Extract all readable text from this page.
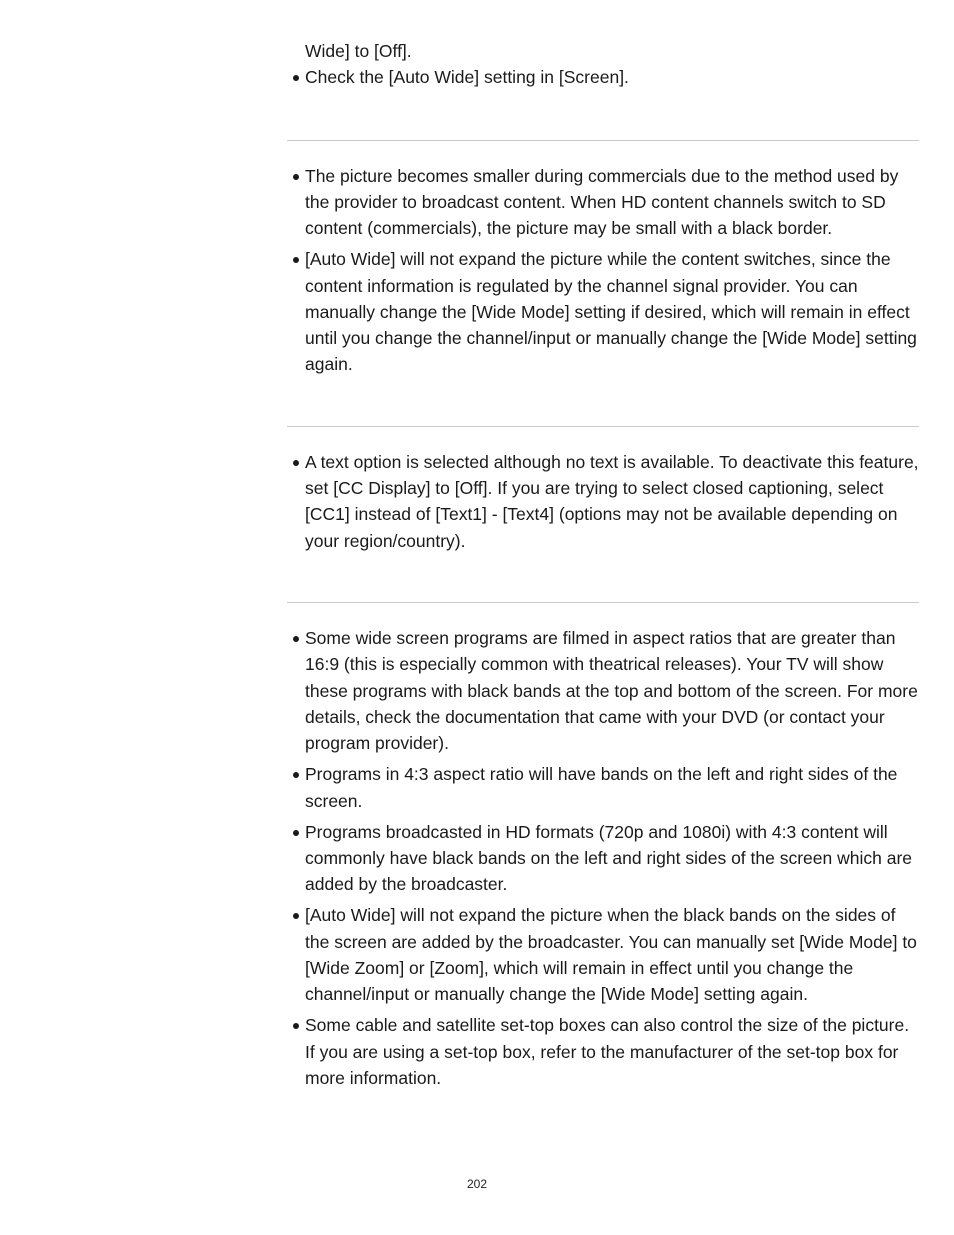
Wide] to [Off].

Check the [Auto Wide] setting in [Screen].
The picture becomes smaller during commercials due to the method used by the provider to broadcast content. When HD content channels switch to SD content (commercials), the picture may be small with a black border.
[Auto Wide] will not expand the picture while the content switches, since the content information is regulated by the channel signal provider. You can manually change the [Wide Mode] setting if desired, which will remain in effect until you change the channel/input or manually change the [Wide Mode] setting again.
A text option is selected although no text is available. To deactivate this feature, set [CC Display] to [Off]. If you are trying to select closed captioning, select [CC1] instead of [Text1] - [Text4] (options may not be available depending on your region/country).
Some wide screen programs are filmed in aspect ratios that are greater than 16:9 (this is especially common with theatrical releases). Your TV will show these programs with black bands at the top and bottom of the screen. For more details, check the documentation that came with your DVD (or contact your program provider).
Programs in 4:3 aspect ratio will have bands on the left and right sides of the screen.
Programs broadcasted in HD formats (720p and 1080i) with 4:3 content will commonly have black bands on the left and right sides of the screen which are added by the broadcaster.
[Auto Wide] will not expand the picture when the black bands on the sides of the screen are added by the broadcaster. You can manually set [Wide Mode] to [Wide Zoom] or [Zoom], which will remain in effect until you change the channel/input or manually change the [Wide Mode] setting again.
Some cable and satellite set-top boxes can also control the size of the picture. If you are using a set-top box, refer to the manufacturer of the set-top box for more information.
202
